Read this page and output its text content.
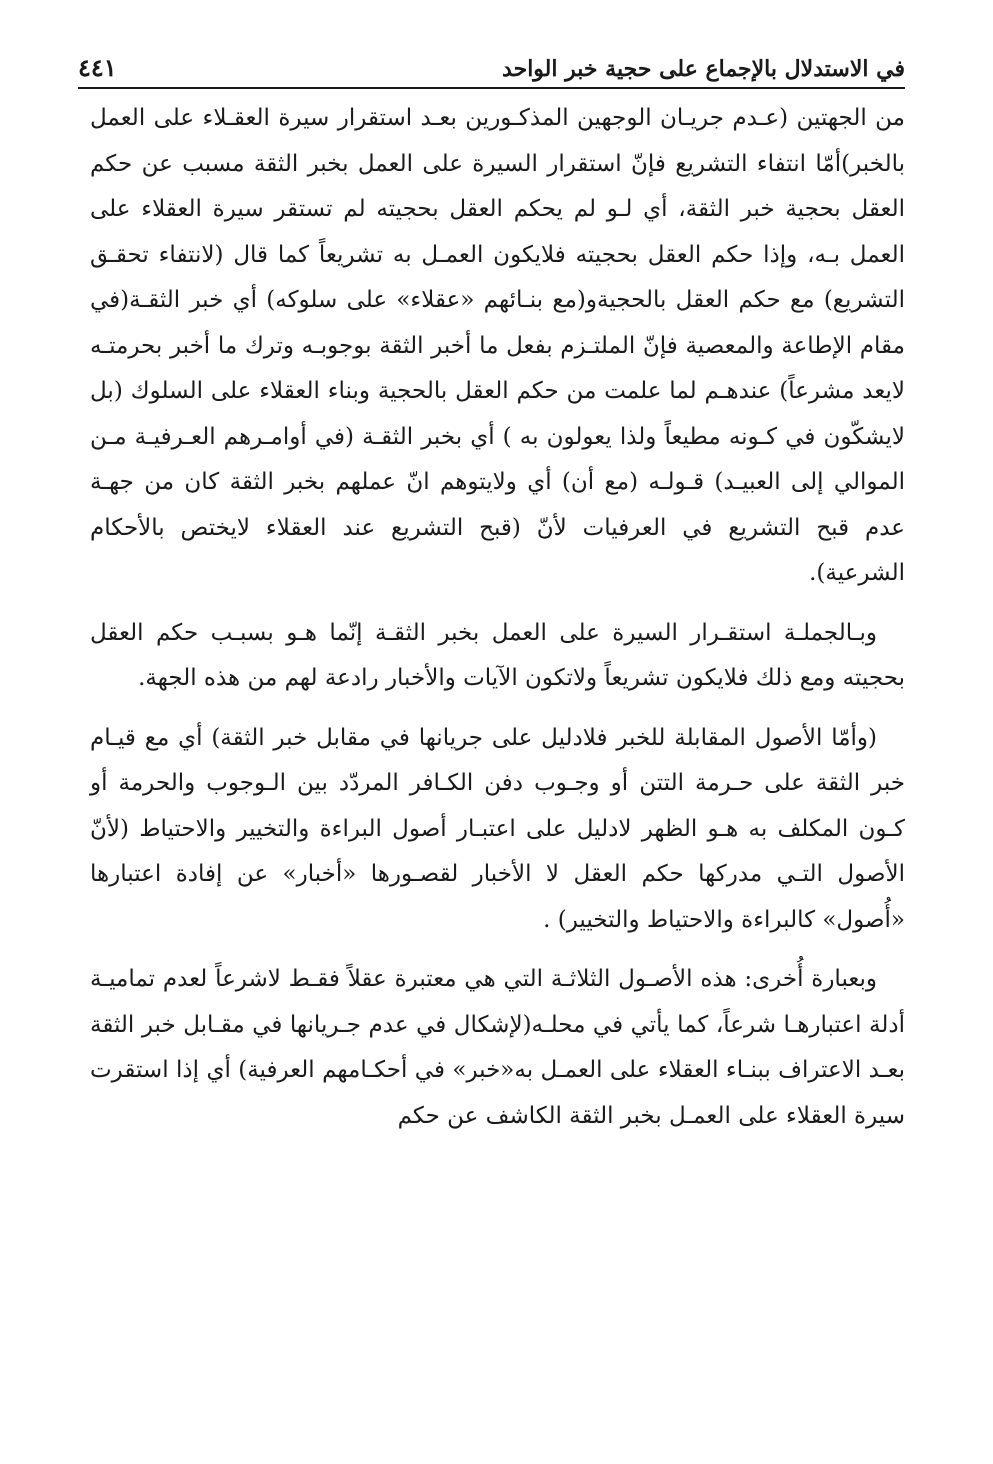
في الاستدلال بالإجماع على حجية خبر الواحد
٤٤١

من الجهتين (عـدم جريـان الوجهين المذكـورين بعـد استقرار سيرة العقـلاء على العمل بالخبر)أمّا انتفاء التشريع فإنّ استقرار السيرة على العمل بخبر الثقة مسبب عن حكم العقل بحجية خبر الثقة، أي لـو لم يحكم العقل بحجيته لم تستقر سيرة العقلاء على العمل بـه، وإذا حكم العقل بحجيته فلايكون العمـل به تشريعاً كما قال (لانتفاء تحقـق التشريع) مع حكم العقل بالحجيةو(مع بنـائهم «عقلاء» على سلوكه) أي خبر الثقـة(في مقام الإطاعة والمعصية فإنّ الملتـزم بفعل ما أخبر الثقة بوجوبـه وترك ما أخبر بحرمتـه لايعد مشرعاً) عندهـم لما علمت من حكم العقل بالحجية وبناء العقلاء على السلوك (بل لايشكّون في كـونه مطيعاً ولذا يعولون به ) أي بخبر الثقـة (في أوامـرهم العـرفيـة مـن الموالي إلى العبيـد) قـولـه (مع أن) أي ولايتوهم انّ عملهم بخبر الثقة كان من جهـة عدم قبح التشريع في العرفيات لأنّ (قبح التشريع عند العقلاء لايختص بالأحكام الشرعية).

وبـالجملـة استقـرار السيرة على العمل بخبر الثقـة إنّما هـو بسبـب حكم العقل بحجيته ومع ذلك فلايكون تشريعاً ولاتكون الآيات والأخبار رادعة لهم من هذه الجهة.

(وأمّا الأصول المقابلة للخبر فلادليل على جريانها في مقابل خبر الثقة) أي مع قيـام خبر الثقة على حـرمة التتن أو وجـوب دفن الكـافر المردّد بين الـوجوب والحرمة أو كـون المكلف به هـو الظهر لادليل على اعتبـار أصول البراءة والتخيير والاحتياط (لأنّ الأصول التـي مدركها حكم العقل لا الأخبار لقصـورها «أخبار» عن إفادة اعتبارها «أُصول» كالبراءة والاحتياط والتخيير) .

وبعبارة أُخرى: هذه الأصـول الثلاثـة التي هي معتبرة عقلاً فقـط لاشرعاً لعدم تماميـة أدلة اعتبارهـا شرعاً، كما يأتي في محلـه(لإشكال في عدم جـريانها في مقـابل خبر الثقة بعـد الاعتراف ببنـاء العقلاء على العمـل به«خبر» في أحكـامهم العرفية) أي إذا استقرت سيرة العقلاء على العمـل بخبر الثقة الكاشف عن حكم
